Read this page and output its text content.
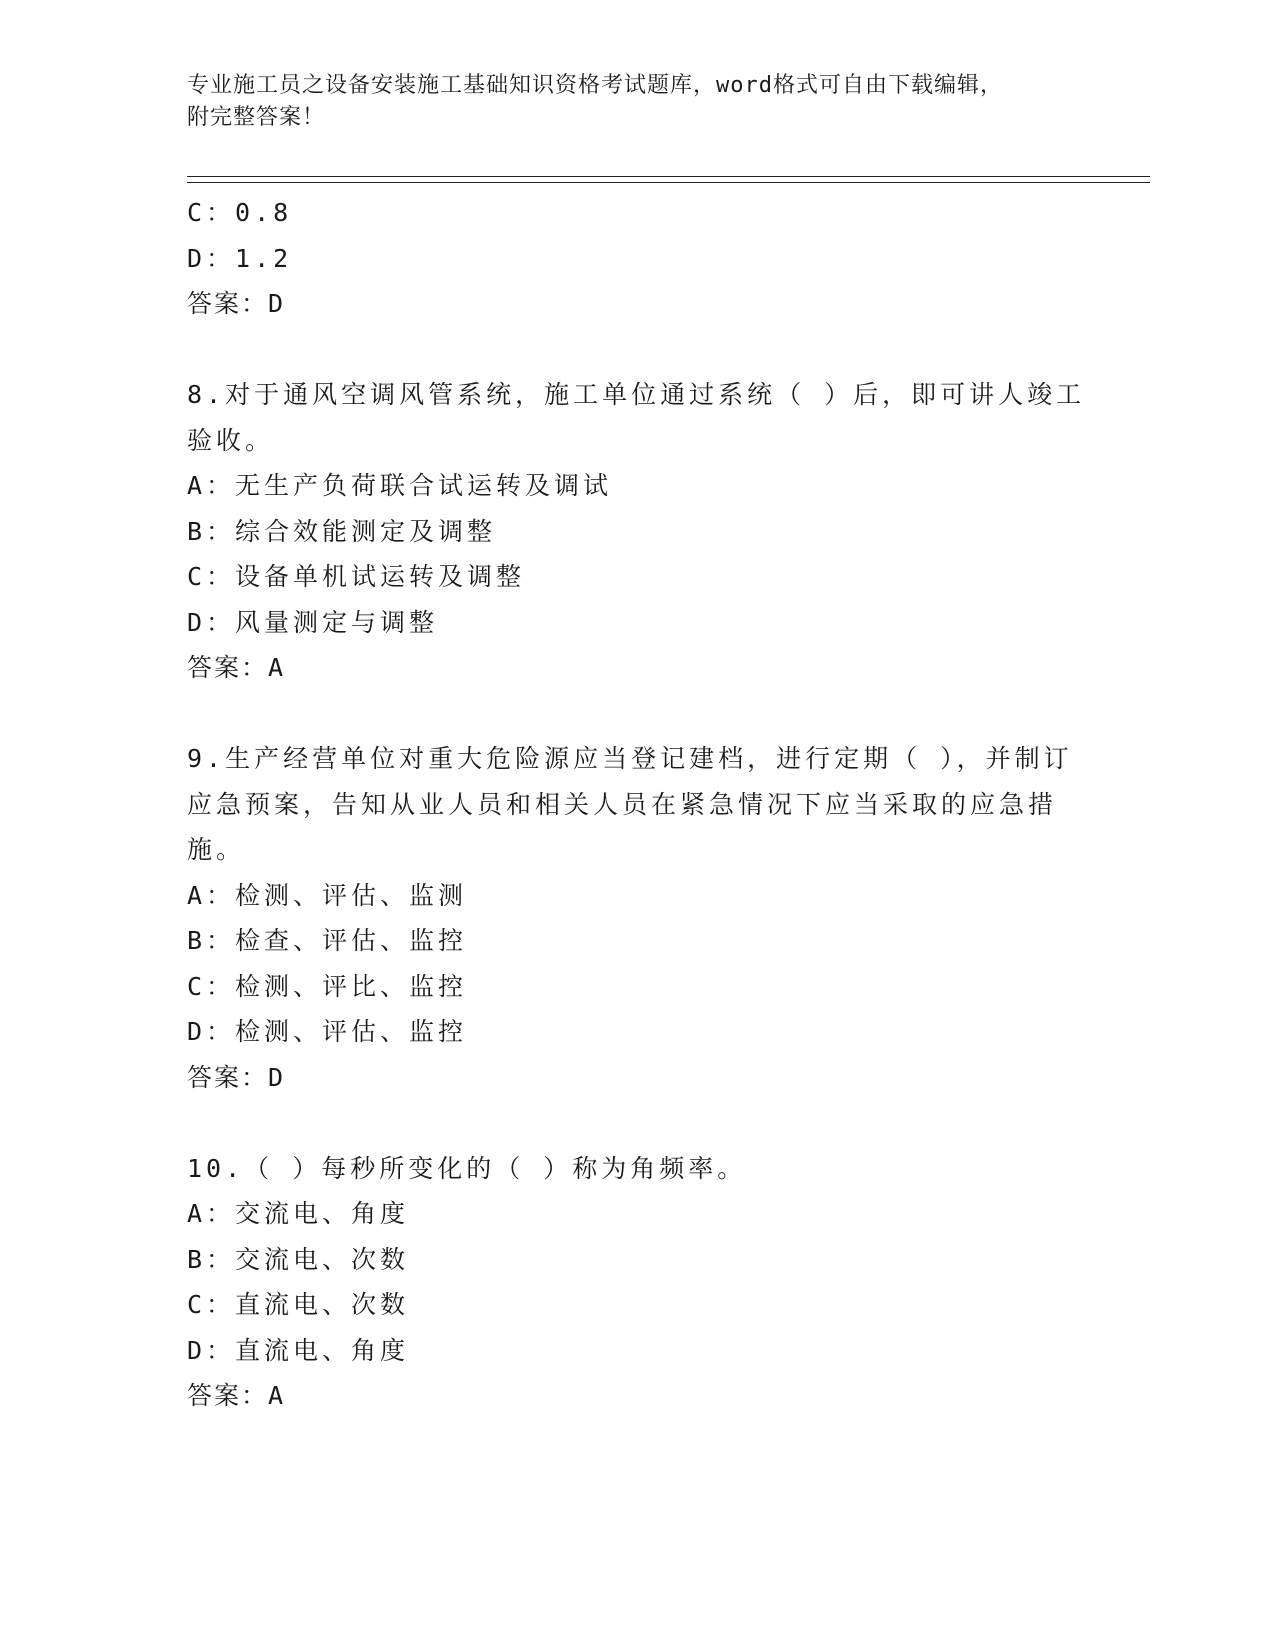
专业施工员之设备安装施工基础知识资格考试题库，word格式可自由下载编辑，
附完整答案！
C：0.8
D：1.2
答案：D
8.对于通风空调风管系统，施工单位通过系统（ ）后，即可讲人竣工
验收。
A：无生产负荷联合试运转及调试
B：综合效能测定及调整
C：设备单机试运转及调整
D：风量测定与调整
答案：A
9.生产经营单位对重大危险源应当登记建档，进行定期（ ），并制订
应急预案，告知从业人员和相关人员在紧急情况下应当采取的应急措
施。
A：检测、评估、监测
B：检查、评估、监控
C：检测、评比、监控
D：检测、评估、监控
答案：D
10.（ ）每秒所变化的（ ）称为角频率。
A：交流电、角度
B：交流电、次数
C：直流电、次数
D：直流电、角度
答案：A
